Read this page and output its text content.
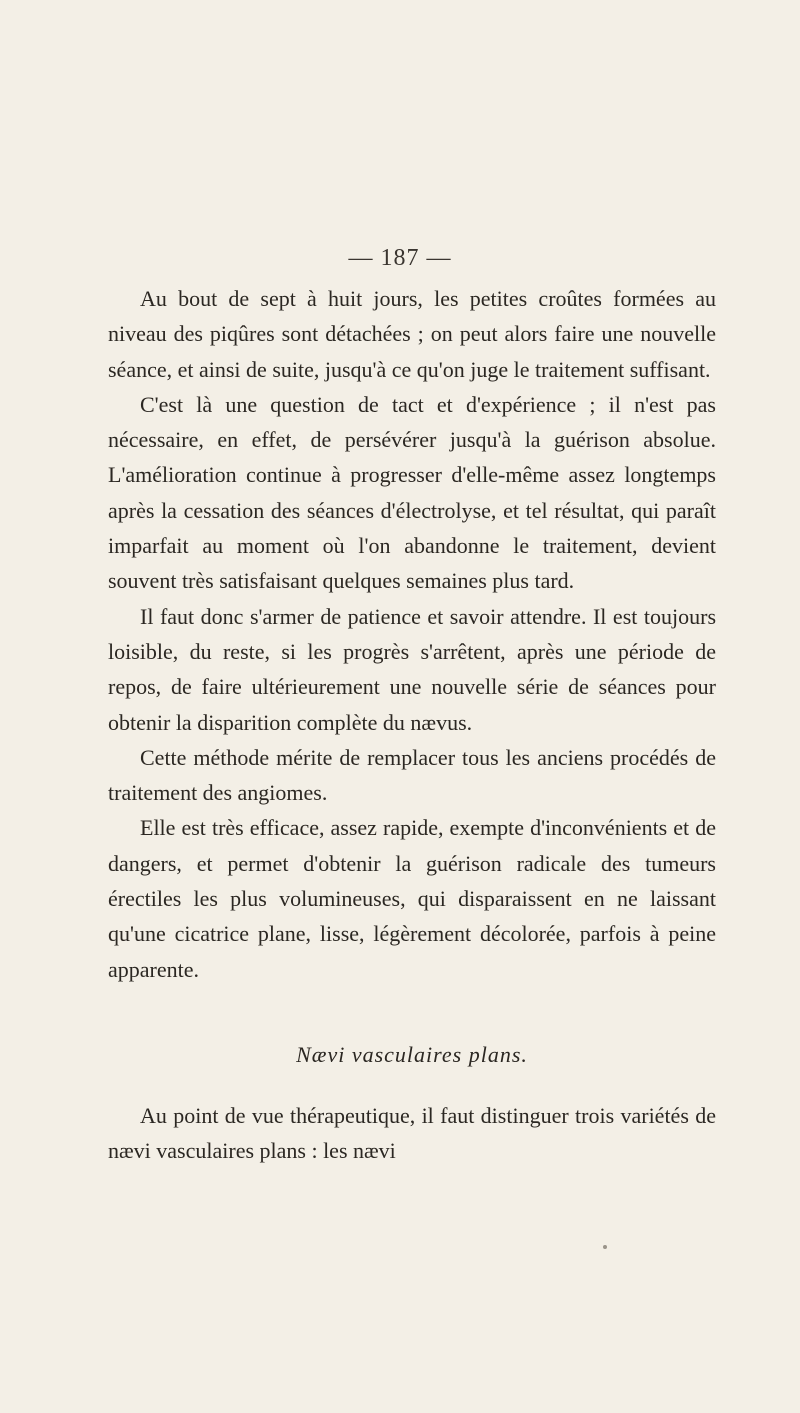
— 187 —

Au bout de sept à huit jours, les petites croûtes formées au niveau des piqûres sont détachées ; on peut alors faire une nouvelle séance, et ainsi de suite, jusqu'à ce qu'on juge le traitement suffisant.

C'est là une question de tact et d'expérience ; il n'est pas nécessaire, en effet, de persévérer jusqu'à la guérison absolue. L'amélioration continue à progresser d'elle-même assez longtemps après la cessation des séances d'électrolyse, et tel résultat, qui paraît imparfait au moment où l'on abandonne le traitement, devient souvent très satisfaisant quelques semaines plus tard.

Il faut donc s'armer de patience et savoir attendre. Il est toujours loisible, du reste, si les progrès s'arrêtent, après une période de repos, de faire ultérieurement une nouvelle série de séances pour obtenir la disparition complète du nævus.

Cette méthode mérite de remplacer tous les anciens procédés de traitement des angiomes.

Elle est très efficace, assez rapide, exempte d'inconvénients et de dangers, et permet d'obtenir la guérison radicale des tumeurs érectiles les plus volumineuses, qui disparaissent en ne laissant qu'une cicatrice plane, lisse, légèrement décolorée, parfois à peine apparente.

Nævi vasculaires plans.

Au point de vue thérapeutique, il faut distinguer trois variétés de nævi vasculaires plans : les nævi
